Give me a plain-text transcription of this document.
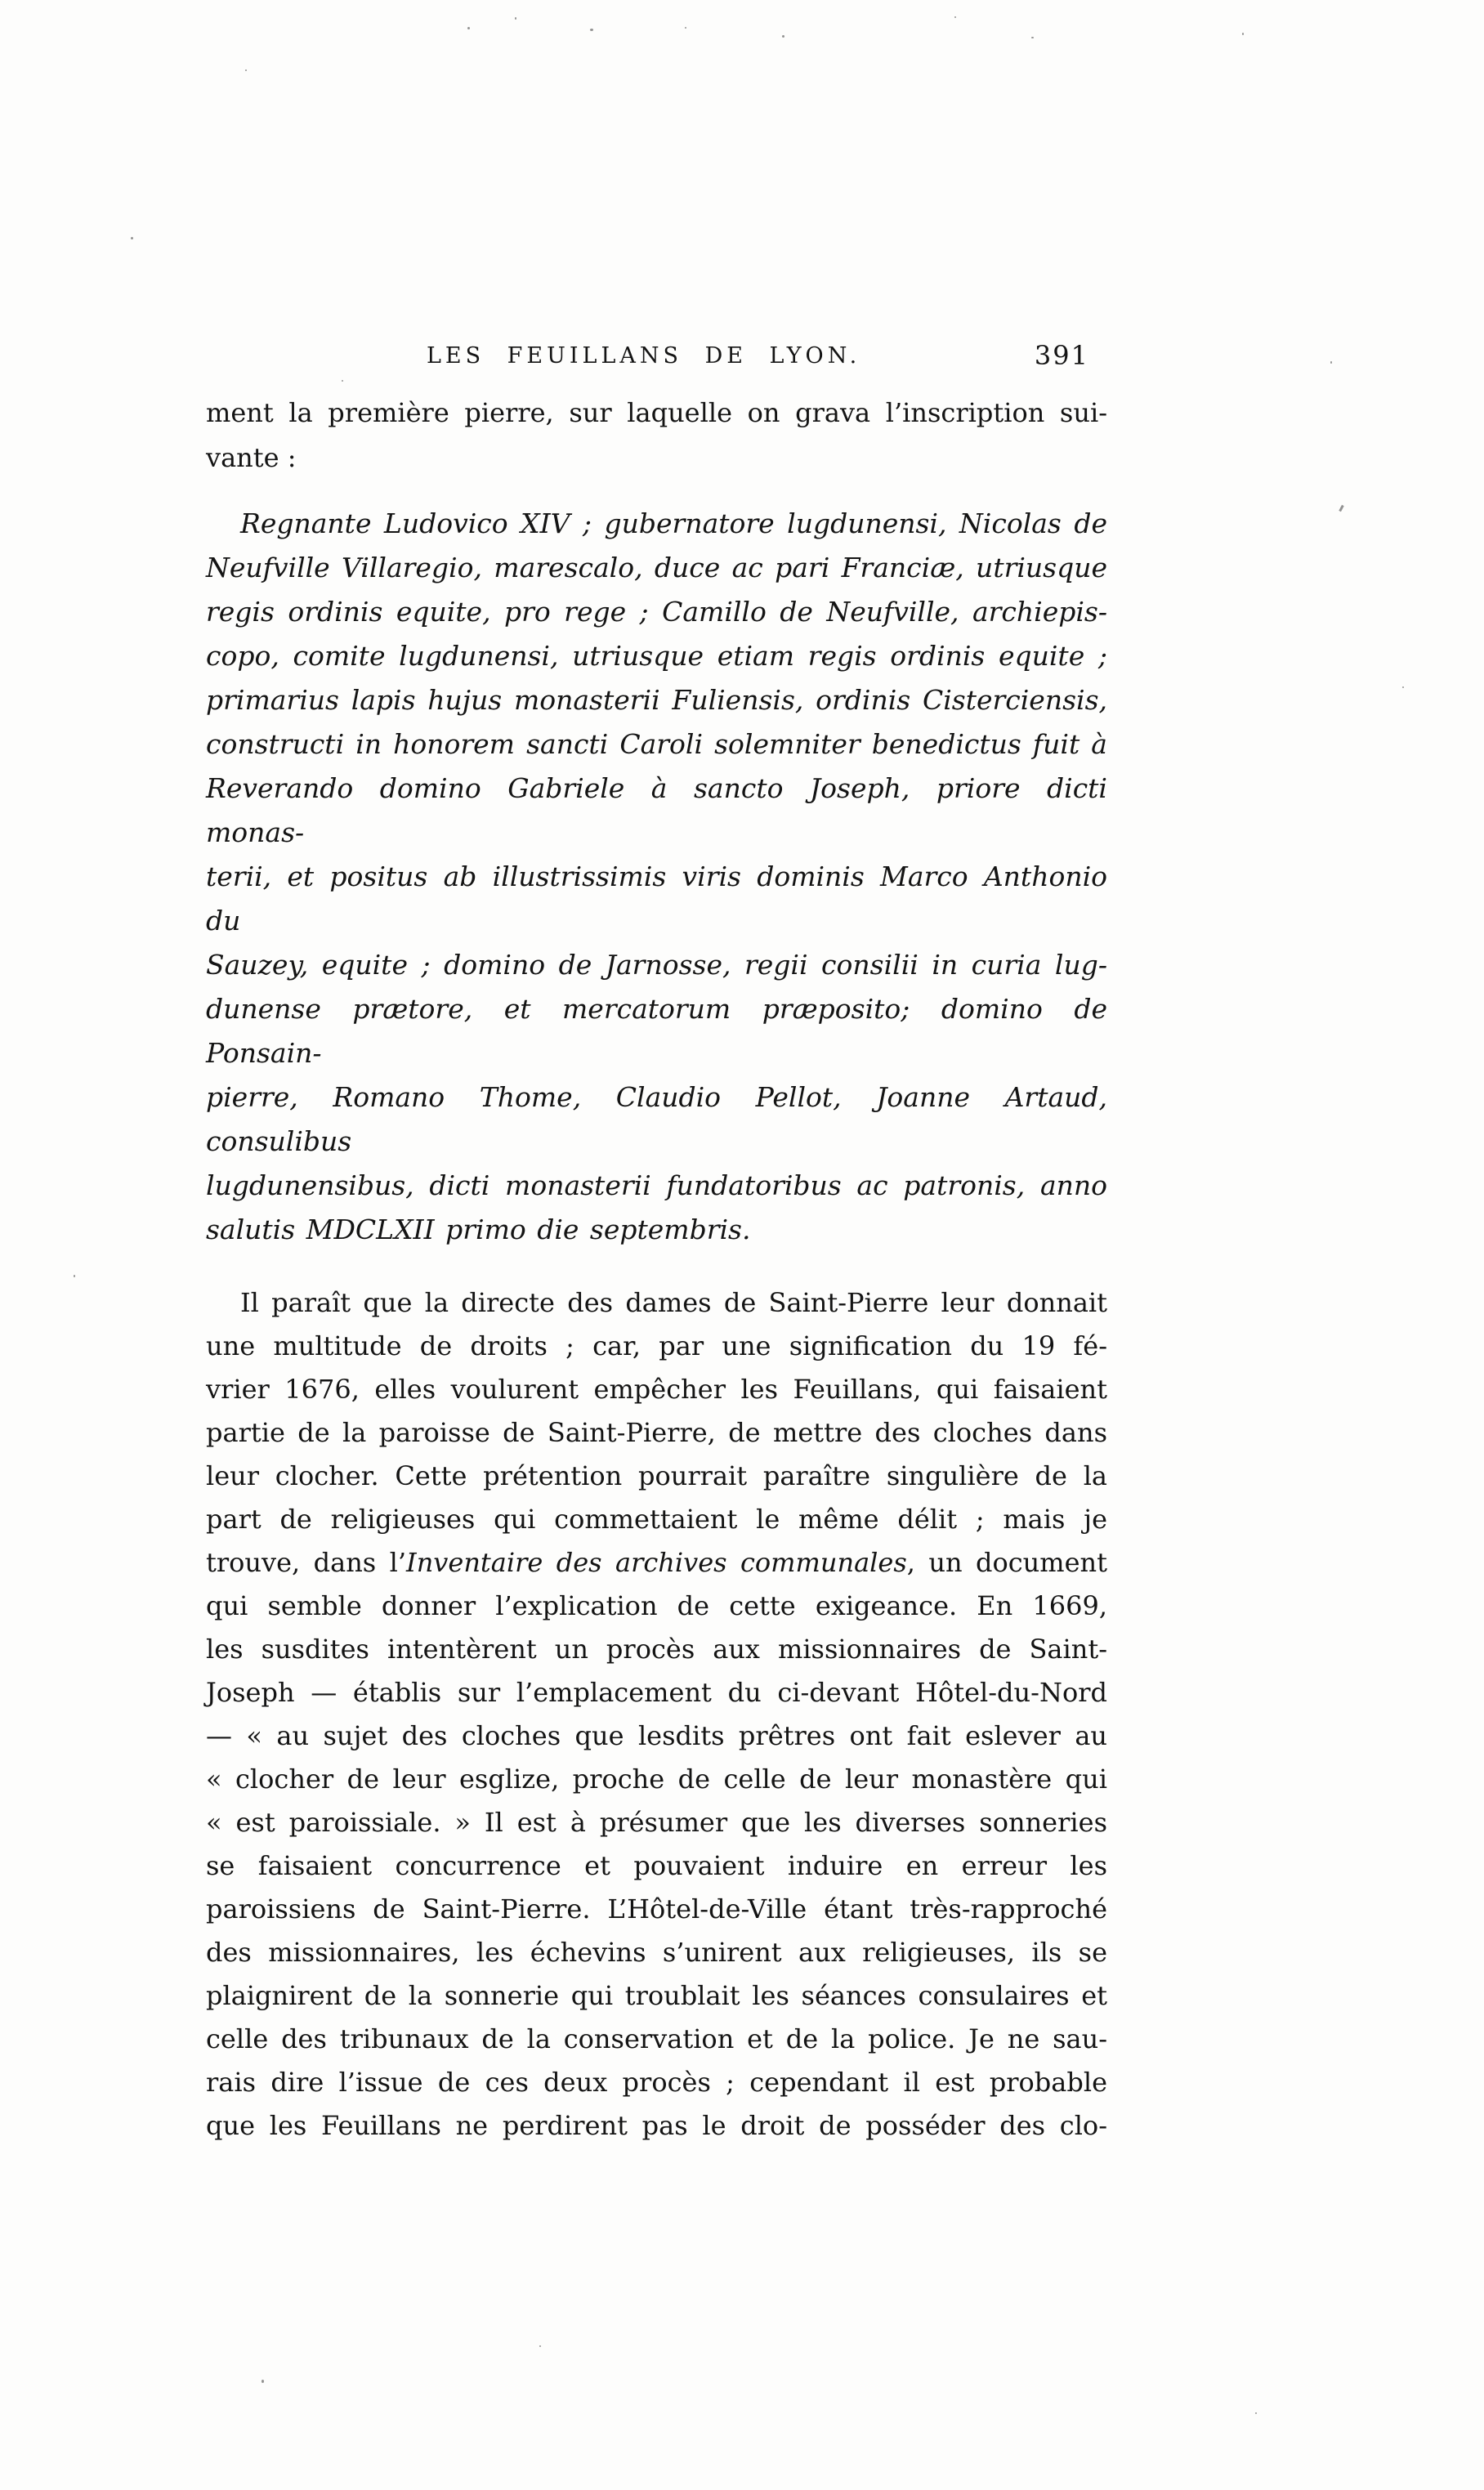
LES FEUILLANS DE LYON.	391
ment la première pierre, sur laquelle on grava l’inscription sui-
vante :
Regnante Ludovico XIV ; gubernatore lugdunensi, Nicolas de
Neufville Villaregio, marescalo, duce ac pari Franciæ, utriusque
regis ordinis equite, pro rege ; Camillo de Neufville, archiepis-
copo, comite lugdunensi, utriusque etiam regis ordinis equite ;
primarius lapis hujus monasterii Fuliensis, ordinis Cisterciensis,
constructi in honorem sancti Caroli solemniter benedictus fuit à
Reverando domino Gabriele à sancto Joseph, priore dicti monas-
terii, et positus ab illustrissimis viris dominis Marco Anthonio du
Sauzey, equite ; domino de Jarnosse, regii consilii in curia lug-
dunense prætore, et mercatorum præposito; domino de Ponsain-
pierre, Romano Thome, Claudio Pellot, Joanne Artaud, consulibus
lugdunensibus, dicti monasterii fundatoribus ac patronis, anno
salutis MDCLXII primo die septembris.
Il paraît que la directe des dames de Saint-Pierre leur donnait
une multitude de droits ; car, par une signification du 19 fé-
vrier 1676, elles voulurent empêcher les Feuillans, qui faisaient
partie de la paroisse de Saint-Pierre, de mettre des cloches dans
leur clocher. Cette prétention pourrait paraître singulière de la
part de religieuses qui commettaient le même délit ; mais je
trouve, dans l’Inventaire des archives communales, un document
qui semble donner l’explication de cette exigeance. En 1669,
les susdites intentèrent un procès aux missionnaires de Saint-
Joseph — établis sur l’emplacement du ci-devant Hôtel-du-Nord
— « au sujet des cloches que lesdits prêtres ont fait eslever au
« clocher de leur esglize, proche de celle de leur monastère qui
« est paroissiale. » Il est à présumer que les diverses sonneries
se faisaient concurrence et pouvaient induire en erreur les
paroissiens de Saint-Pierre. L’Hôtel-de-Ville étant très-rapproché
des missionnaires, les échevins s’unirent aux religieuses, ils se
plaignirent de la sonnerie qui troublait les séances consulaires et
celle des tribunaux de la conservation et de la police. Je ne sau-
rais dire l’issue de ces deux procès ; cependant il est probable
que les Feuillans ne perdirent pas le droit de posséder des clo-
